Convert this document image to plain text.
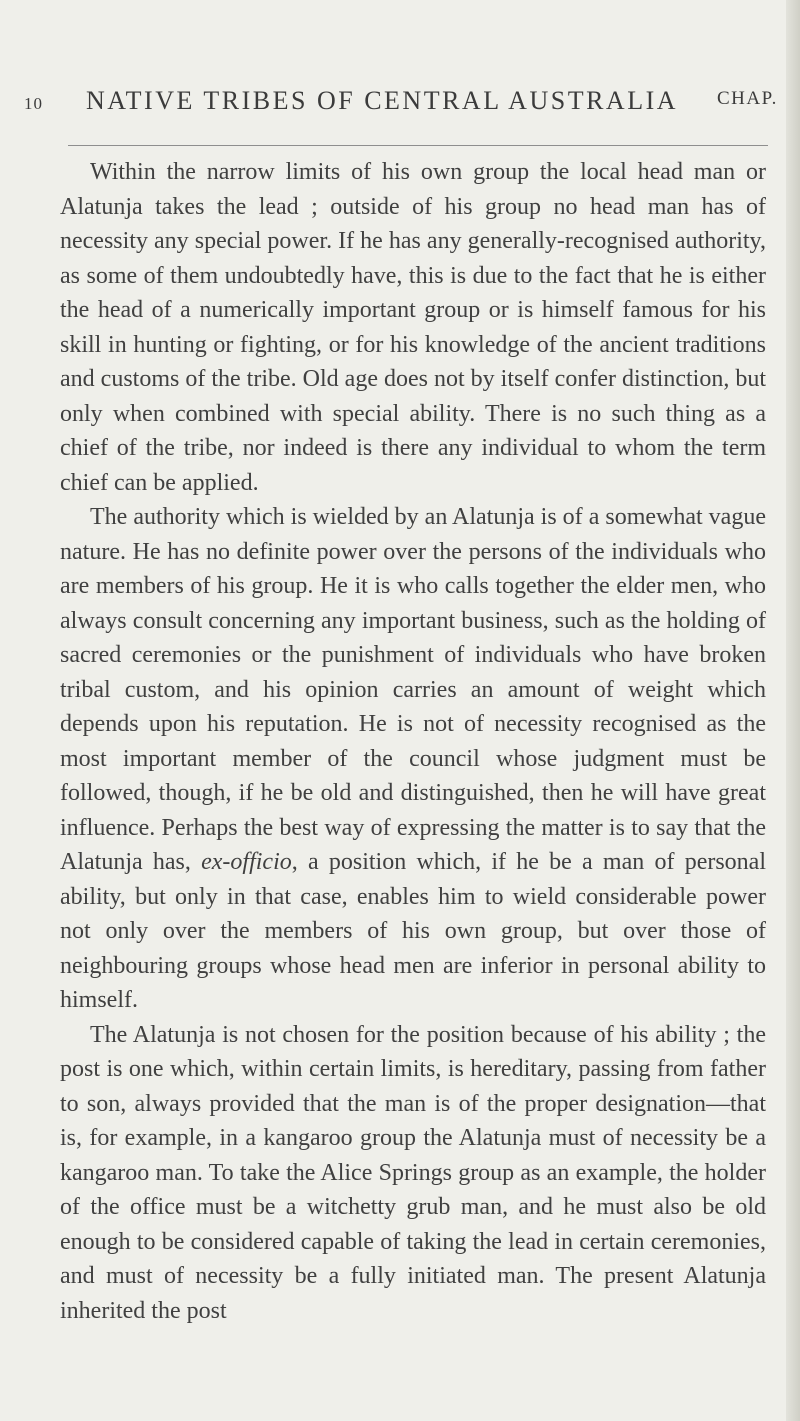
10 NATIVE TRIBES OF CENTRAL AUSTRALIA CHAP.

Within the narrow limits of his own group the local head man or Alatunja takes the lead ; outside of his group no head man has of necessity any special power. If he has any generally-recognised authority, as some of them undoubtedly have, this is due to the fact that he is either the head of a numerically important group or is himself famous for his skill in hunting or fighting, or for his knowledge of the ancient traditions and customs of the tribe. Old age does not by itself confer distinction, but only when combined with special ability. There is no such thing as a chief of the tribe, nor indeed is there any individual to whom the term chief can be applied.

The authority which is wielded by an Alatunja is of a somewhat vague nature. He has no definite power over the persons of the individuals who are members of his group. He it is who calls together the elder men, who always consult concerning any important business, such as the holding of sacred ceremonies or the punishment of individuals who have broken tribal custom, and his opinion carries an amount of weight which depends upon his reputation. He is not of necessity recognised as the most important member of the council whose judgment must be followed, though, if he be old and distinguished, then he will have great influence. Perhaps the best way of expressing the matter is to say that the Alatunja has, ex-officio, a position which, if he be a man of personal ability, but only in that case, enables him to wield considerable power not only over the members of his own group, but over those of neighbouring groups whose head men are inferior in personal ability to himself.

The Alatunja is not chosen for the position because of his ability ; the post is one which, within certain limits, is hereditary, passing from father to son, always provided that the man is of the proper designation—that is, for example, in a kangaroo group the Alatunja must of necessity be a kangaroo man. To take the Alice Springs group as an example, the holder of the office must be a witchetty grub man, and he must also be old enough to be considered capable of taking the lead in certain ceremonies, and must of necessity be a fully initiated man. The present Alatunja inherited the post
